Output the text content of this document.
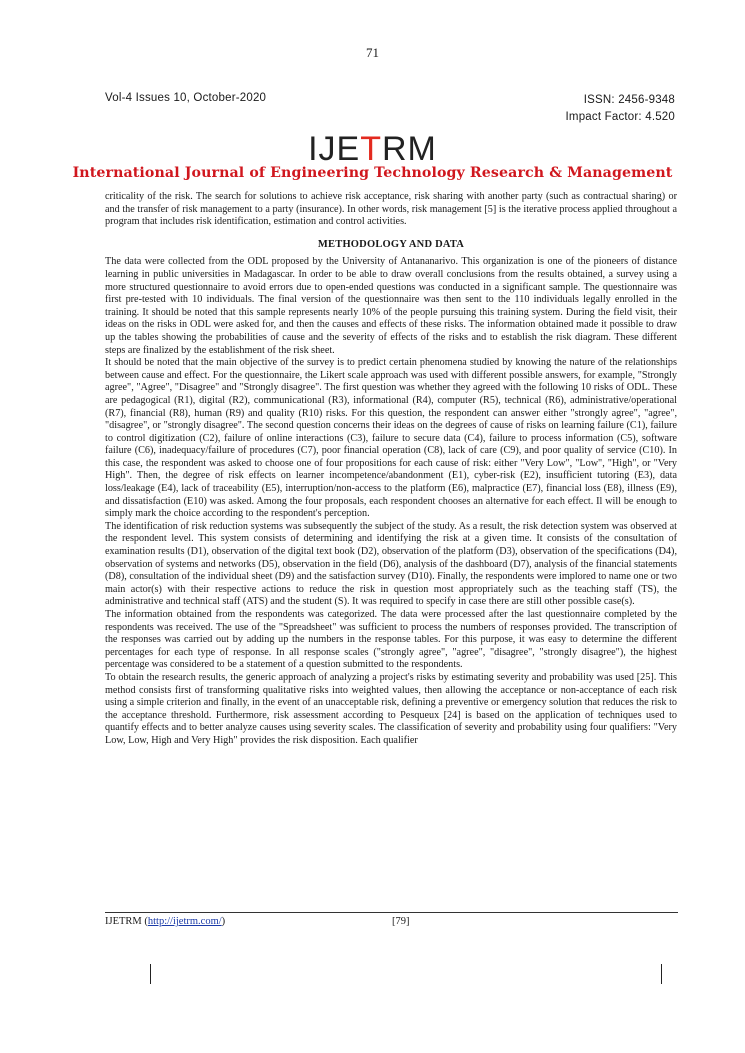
71
Vol-4 Issues 10, October-2020	ISSN: 2456-9348
Impact Factor: 4.520
IJETRM
International Journal of Engineering Technology Research & Management

criticality of the risk. The search for solutions to achieve risk acceptance, risk sharing with another party (such as contractual sharing) or and the transfer of risk management to a party (insurance). In other words, risk management [5] is the iterative process applied throughout a program that includes risk identification, estimation and control activities.

METHODOLOGY AND DATA

The data were collected from the ODL proposed by the University of Antananarivo. This organization is one of the pioneers of distance learning in public universities in Madagascar. In order to be able to draw overall conclusions from the results obtained, a survey using a more structured questionnaire to avoid errors due to open-ended questions was conducted in a significant sample. The questionnaire was first pre-tested with 10 individuals. The final version of the questionnaire was then sent to the 110 individuals legally enrolled in the training. It should be noted that this sample represents nearly 10% of the people pursuing this training system. During the field visit, their ideas on the risks in ODL were asked for, and then the causes and effects of these risks. The information obtained made it possible to draw up the tables showing the probabilities of cause and the severity of effects of the risks and to establish the risk diagram. These different steps are finalized by the establishment of the risk sheet.

It should be noted that the main objective of the survey is to predict certain phenomena studied by knowing the nature of the relationships between cause and effect. For the questionnaire, the Likert scale approach was used with different possible answers, for example, "Strongly agree", "Agree", "Disagree" and "Strongly disagree". The first question was whether they agreed with the following 10 risks of ODL. These are pedagogical (R1), digital (R2), communicational (R3), informational (R4), computer (R5), technical (R6), administrative/operational (R7), financial (R8), human (R9) and quality (R10) risks. For this question, the respondent can answer either "strongly agree", "agree", "disagree", or "strongly disagree". The second question concerns their ideas on the degrees of cause of risks on learning failure (C1), failure to control digitization (C2), failure of online interactions (C3), failure to secure data (C4), failure to process information (C5), software failure (C6), inadequacy/failure of procedures (C7), poor financial operation (C8), lack of care (C9), and poor quality of service (C10). In this case, the respondent was asked to choose one of four propositions for each cause of risk: either "Very Low", "Low", "High", or "Very High". Then, the degree of risk effects on learner incompetence/abandonment (E1), cyber-risk (E2), insufficient tutoring (E3), data loss/leakage (E4), lack of traceability (E5), interruption/non-access to the platform (E6), malpractice (E7), financial loss (E8), illness (E9), and dissatisfaction (E10) was asked. Among the four proposals, each respondent chooses an alternative for each effect. Il will be enough to simply mark the choice according to the respondent's perception.

The identification of risk reduction systems was subsequently the subject of the study. As a result, the risk detection system was observed at the respondent level. This system consists of determining and identifying the risk at a given time. It consists of the consultation of examination results (D1), observation of the digital text book (D2), observation of the platform (D3), observation of the specifications (D4), observation of systems and networks (D5), observation in the field (D6), analysis of the dashboard (D7), analysis of the financial statements (D8), consultation of the individual sheet (D9) and the satisfaction survey (D10). Finally, the respondents were implored to name one or two main actor(s) with their respective actions to reduce the risk in question most appropriately such as the teaching staff (TS), the administrative and technical staff (ATS) and the student (S). It was required to specify in case there are still other possible case(s).

The information obtained from the respondents was categorized. The data were processed after the last questionnaire completed by the respondents was received. The use of the "Spreadsheet" was sufficient to process the numbers of responses provided. The transcription of the responses was carried out by adding up the numbers in the response tables. For this purpose, it was easy to determine the different percentages for each type of response. In all response scales ("strongly agree", "agree", "disagree", "strongly disagree"), the highest percentage was considered to be a statement of a question submitted to the respondents.

To obtain the research results, the generic approach of analyzing a project's risks by estimating severity and probability was used [25]. This method consists first of transforming qualitative risks into weighted values, then allowing the acceptance or non-acceptance of each risk using a simple criterion and finally, in the event of an unacceptable risk, defining a preventive or emergency solution that reduces the risk to the acceptance threshold. Furthermore, risk assessment according to Pesqueux [24] is based on the application of techniques used to quantify effects and to better analyze causes using severity scales. The classification of severity and probability using four qualifiers: "Very Low, Low, High and Very High" provides the risk disposition. Each qualifier

IJETRM (http://ijetrm.com/)	[79]
